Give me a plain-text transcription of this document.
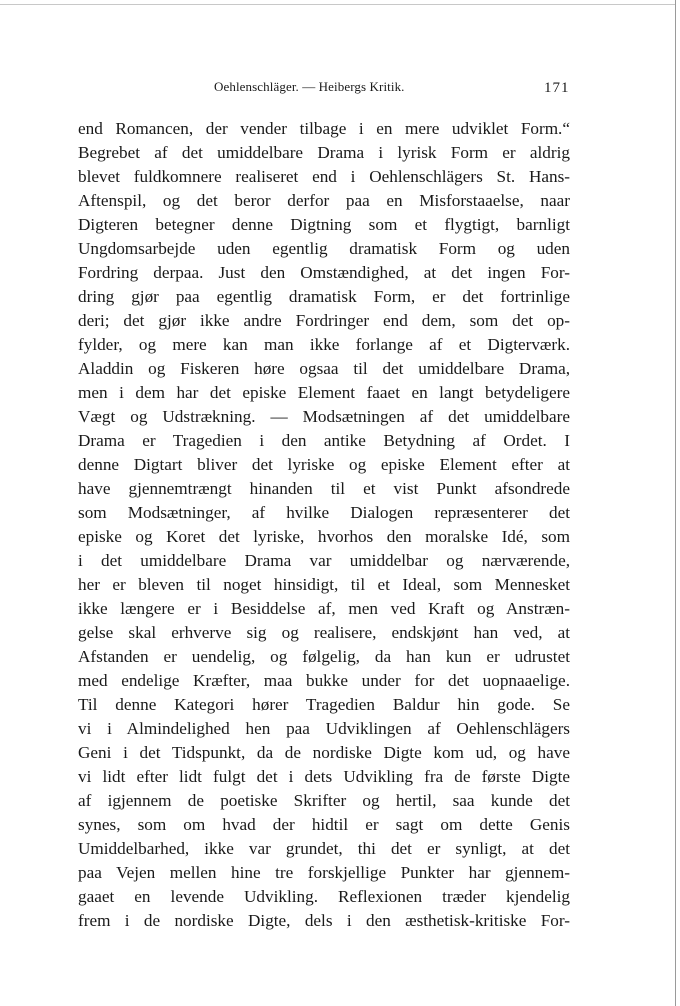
Oehlenschläger. — Heibergs Kritik.	171
end Romancen, der vender tilbage i en mere udviklet Form.“
Begrebet af det umiddelbare Drama i lyrisk Form er aldrig
blevet fuldkomnere realiseret end i Oehlenschlägers St. Hans-
Aftenspil, og det beror derfor paa en Misforstaaelse, naar
Digteren betegner denne Digtning som et flygtigt, barnligt
Ungdomsarbejde uden egentlig dramatisk Form og uden
Fordring derpaa. Just den Omstændighed, at det ingen For-
dring gjør paa egentlig dramatisk Form, er det fortrinlige
deri; det gjør ikke andre Fordringer end dem, som det op-
fylder, og mere kan man ikke forlange af et Digterværk.
Aladdin og Fiskeren høre ogsaa til det umiddelbare Drama,
men i dem har det episke Element faaet en langt betydeligere
Vægt og Udstrækning. — Modsætningen af det umiddelbare
Drama er Tragedien i den antike Betydning af Ordet. I
denne Digtart bliver det lyriske og episke Element efter at
have gjennemtrængt hinanden til et vist Punkt afsondrede
som Modsætninger, af hvilke Dialogen repræsenterer det
episke og Koret det lyriske, hvorhos den moralske Idé, som
i det umiddelbare Drama var umiddelbar og nærværende,
her er bleven til noget hinsidigt, til et Ideal, som Mennesket
ikke længere er i Besiddelse af, men ved Kraft og Anstræn-
gelse skal erhverve sig og realisere, endskjønt han ved, at
Afstanden er uendelig, og følgelig, da han kun er udrustet
med endelige Kræfter, maa bukke under for det uopnaaelige.
Til denne Kategori hører Tragedien Baldur hin gode. Se
vi i Almindelighed hen paa Udviklingen af Oehlenschlägers
Geni i det Tidspunkt, da de nordiske Digte kom ud, og have
vi lidt efter lidt fulgt det i dets Udvikling fra de første Digte
af igjennem de poetiske Skrifter og hertil, saa kunde det
synes, som om hvad der hidtil er sagt om dette Genis
Umiddelbarhed, ikke var grundet, thi det er synligt, at det
paa Vejen mellen hine tre forskjellige Punkter har gjennem-
gaaet en levende Udvikling. Reflexionen træder kjendelig
frem i de nordiske Digte, dels i den æsthetisk-kritiske For-
